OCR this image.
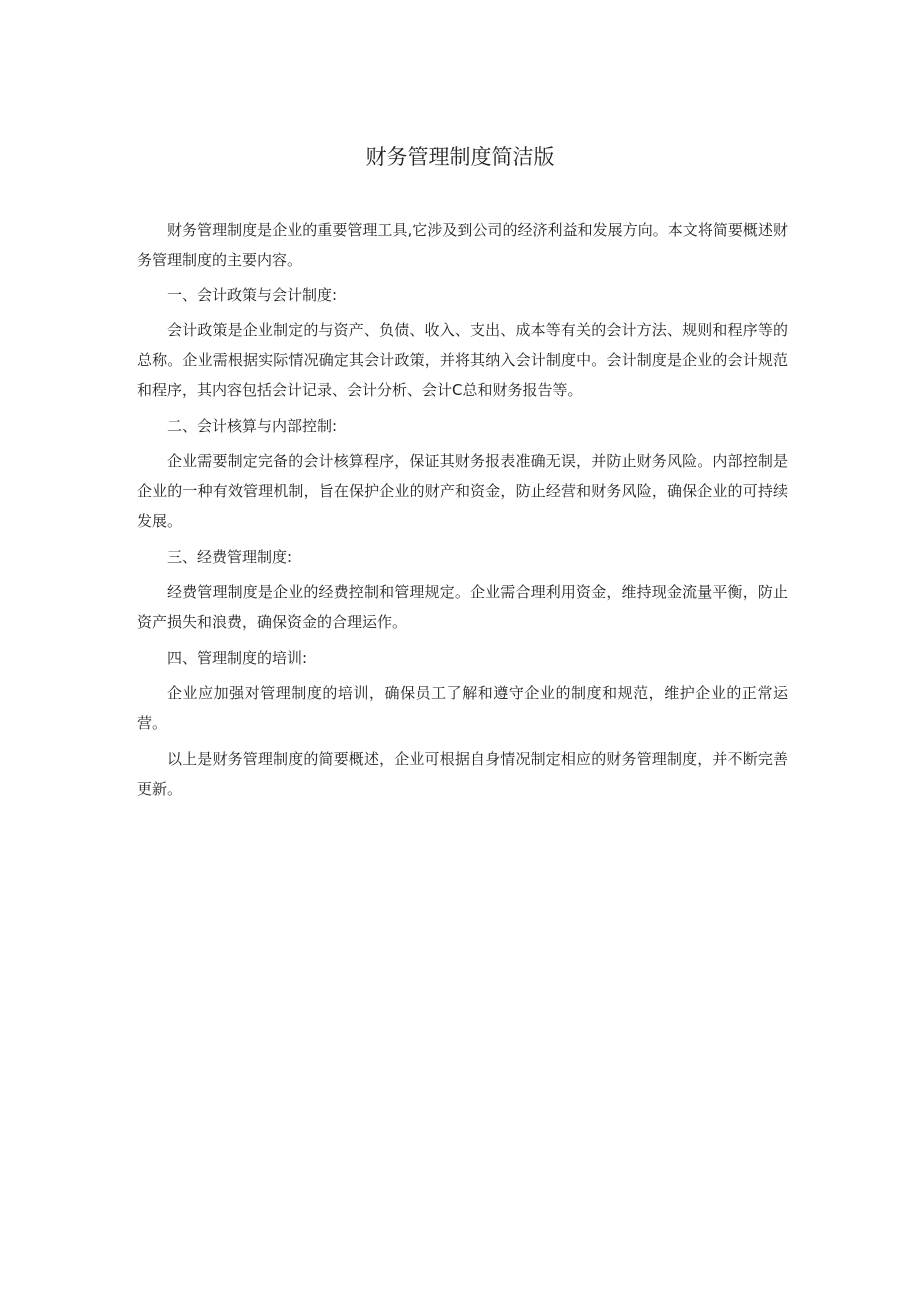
财务管理制度简洁版

财务管理制度是企业的重要管理工具,它涉及到公司的经济利益和发展方向。本文将简要概述财务管理制度的主要内容。

一、会计政策与会计制度:

会计政策是企业制定的与资产、负债、收入、支出、成本等有关的会计方法、规则和程序等的总称。企业需根据实际情况确定其会计政策，并将其纳入会计制度中。会计制度是企业的会计规范和程序，其内容包括会计记录、会计分析、会计C总和财务报告等。

二、会计核算与内部控制:

企业需要制定完备的会计核算程序，保证其财务报表准确无误，并防止财务风险。内部控制是企业的一种有效管理机制，旨在保护企业的财产和资金，防止经营和财务风险，确保企业的可持续发展。

三、经费管理制度:

经费管理制度是企业的经费控制和管理规定。企业需合理利用资金，维持现金流量平衡，防止资产损失和浪费，确保资金的合理运作。

四、管理制度的培训:

企业应加强对管理制度的培训，确保员工了解和遵守企业的制度和规范，维护企业的正常运营。

以上是财务管理制度的简要概述，企业可根据自身情况制定相应的财务管理制度，并不断完善更新。
